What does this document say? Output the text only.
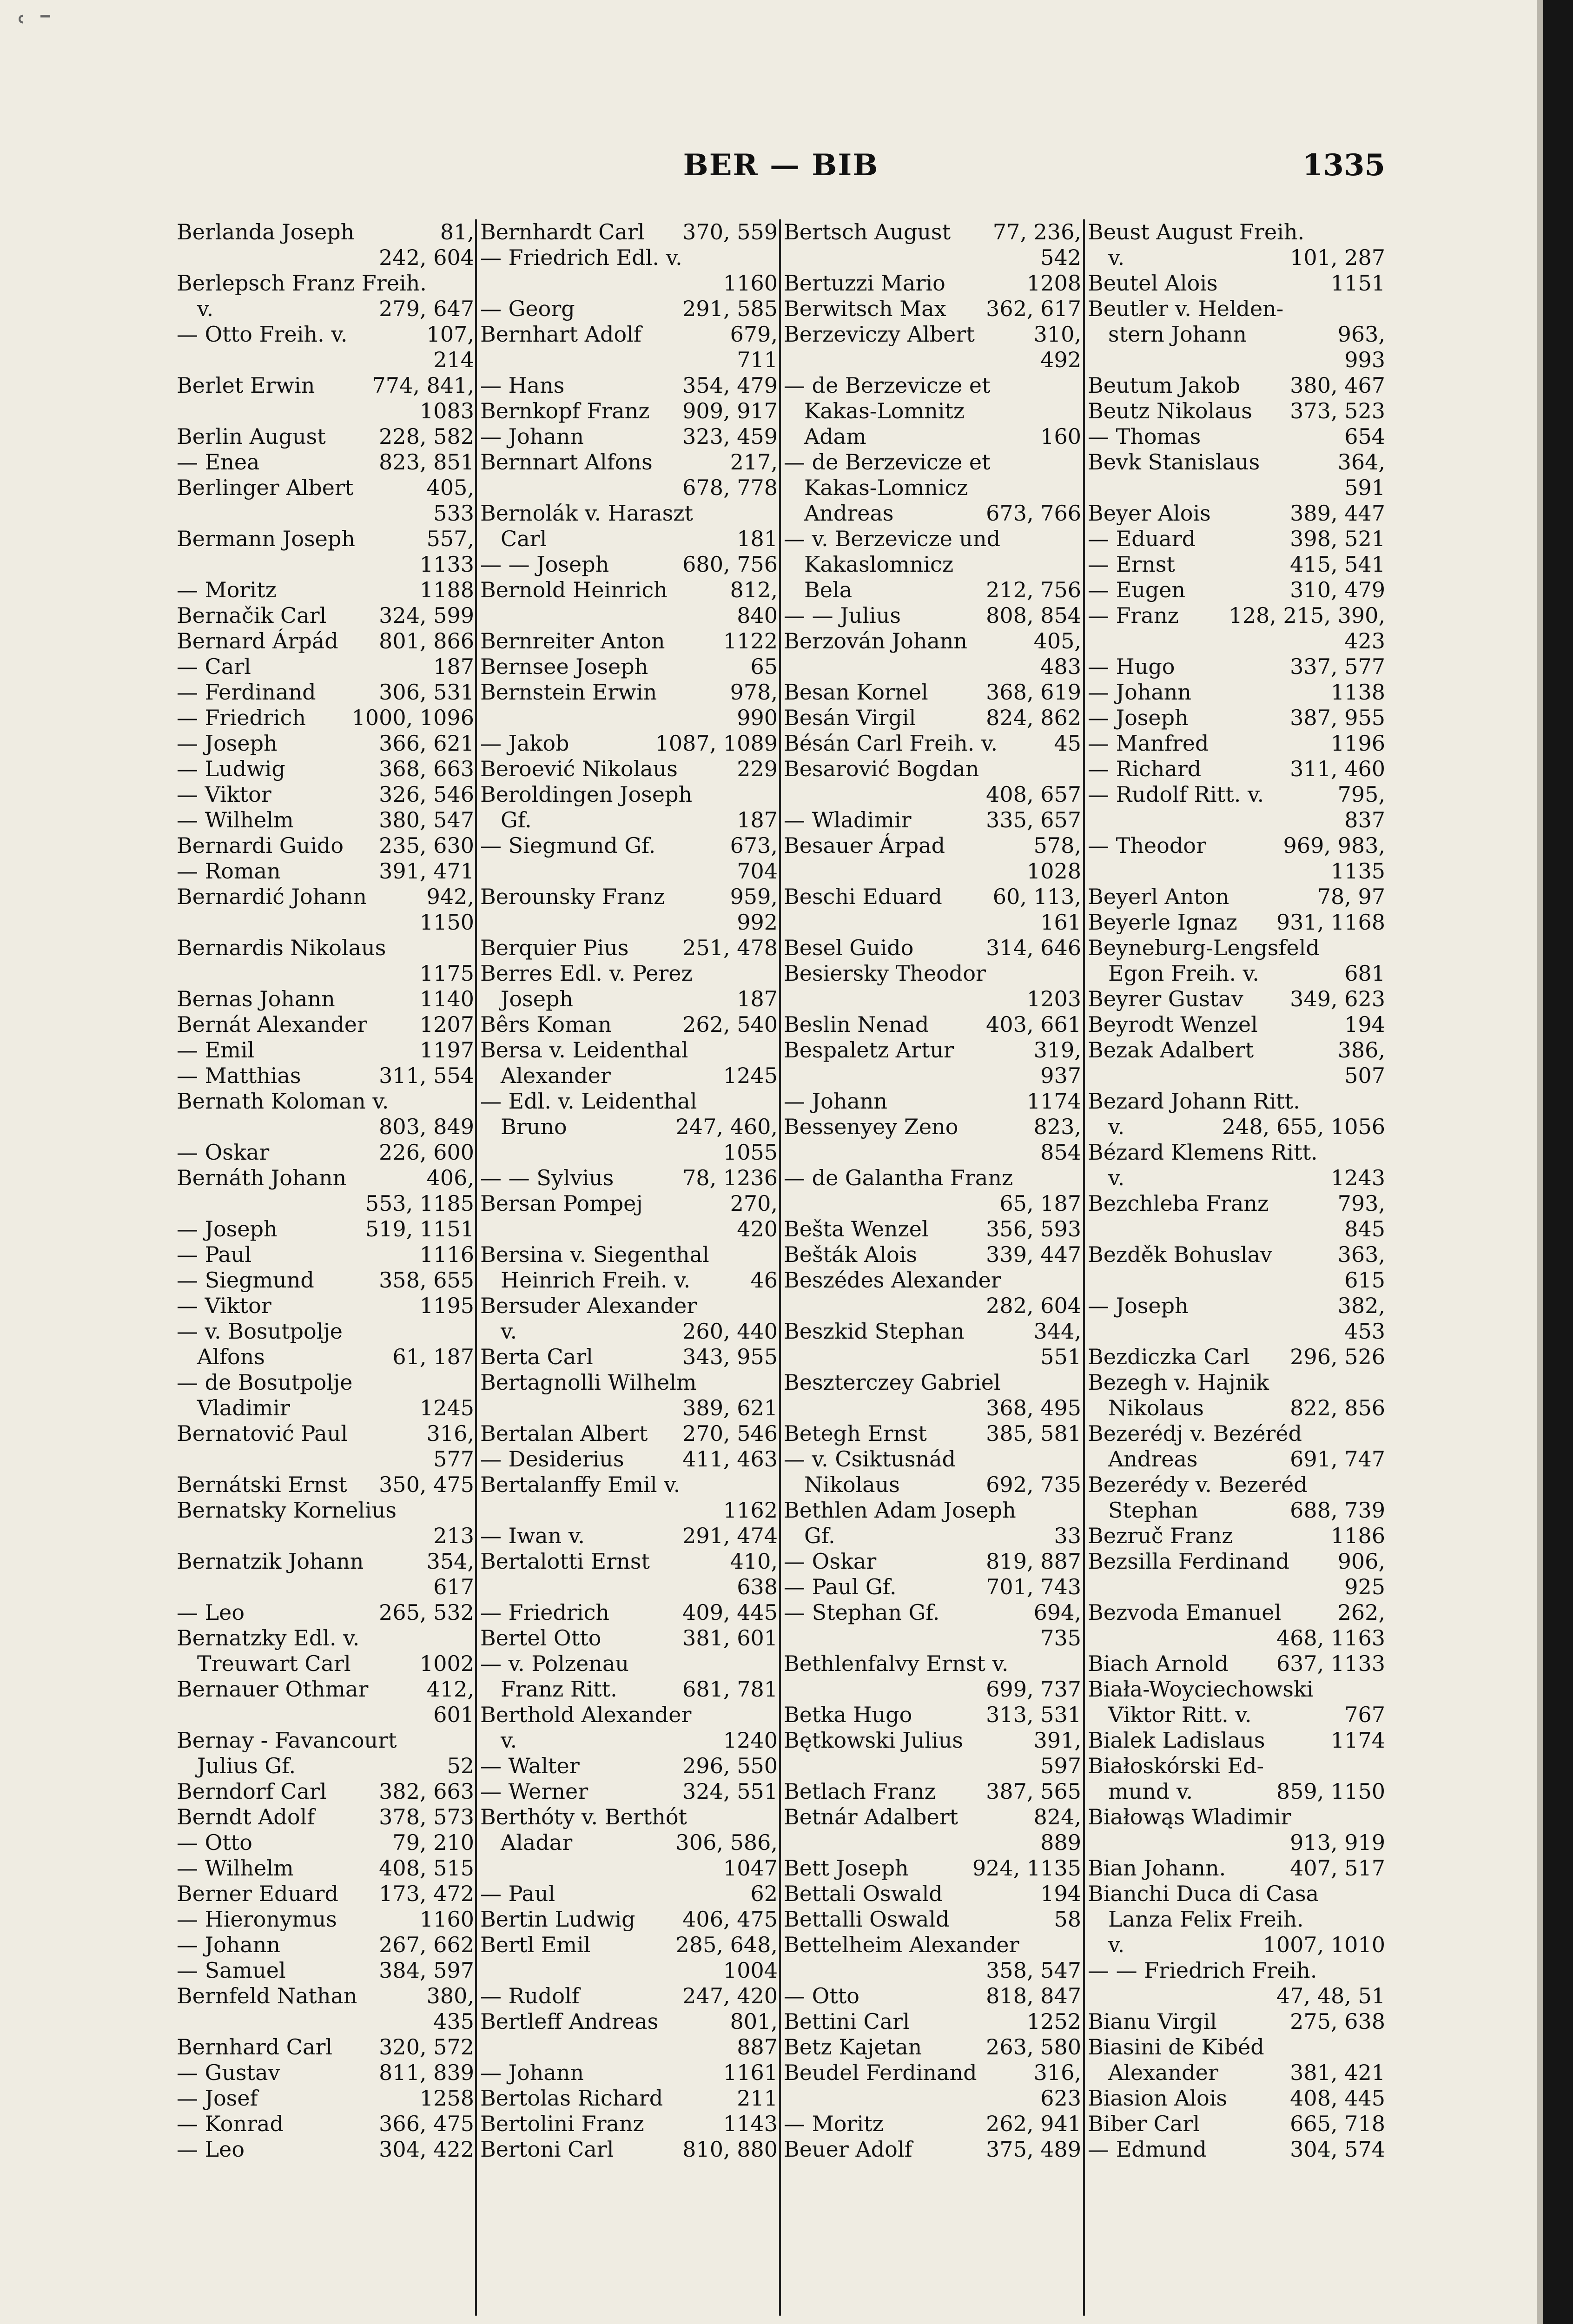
ʿ ˉ
BER — BIB	1335
Berlanda Joseph	81,
242, 604
Berlepsch Franz Freih.
v.	279, 647
— Otto Freih. v.	107,
214
Berlet Erwin	774, 841,
1083
Berlin August 228, 582
— Enea	823, 851
Berlinger Albert	405,
533
Bermann Joseph	557,
1133
— Moritz	1188
Bernačik Carl 324, 599
Bernard Árpád 801, 866
— Carl	187
— Ferdinand	306, 531
— Friedrich 1000, 1096
— Joseph	366, 621
— Ludwig	368, 663
— Viktor	326, 546
— Wilhelm	380, 547
Bernardi Guido 235, 630
— Roman	391, 471
Bernardić Johann	942,
1150
Bernardis Nikolaus
1175
Bernas Johann	1140
Bernát Alexander 1207
— Emil	1197
— Matthias	311, 554
Bernath Koloman v.
803, 849
— Oskar	226, 600
Bernáth Johann	406,
553, 1185
— Joseph	519, 1151
— Paul	1116
— Siegmund	358, 655
— Viktor	1195
— v. Bosutpolje
Alfons	61, 187
— de Bosutpolje
Vladimir	1245
Bernatović Paul	316,
577
Bernátski Ernst 350, 475
Bernatsky Kornelius
213
Bernatzik Johann	354,
617
— Leo	265, 532
Bernatzky Edl. v.
Treuwart Carl	1002
Bernauer Othmar	412,
601
Bernay - Favancourt
Julius Gf.	52
Berndorf Carl 382, 663
Berndt Adolf	378, 573
— Otto	79, 210
— Wilhelm	408, 515
Berner Eduard 173, 472
— Hieronymus	1160
— Johann	267, 662
— Samuel	384, 597
Bernfeld Nathan	380,
435
Bernhard Carl 320, 572
— Gustav	811, 839
— Josef	1258
— Konrad	366, 475
— Leo	304, 422
Bernhardt Carl 370, 559
— Friedrich Edl. v.
1160
— Georg	291, 585
Bernhart Adolf	679,
711
— Hans	354, 479
Bernkopf Franz 909, 917
— Johann	323, 459
Bernnart Alfons	217,
678, 778
Bernolák v. Haraszt
Carl	181
— — Joseph	680, 756
Bernold Heinrich	812,
840
Bernreiter Anton	1122
Bernsee Joseph	65
Bernstein Erwin	978,
990
— Jakob	1087, 1089
Beroević Nikolaus	229
Beroldingen Joseph
Gf.	187
— Siegmund Gf.	673,
704
Berounsky Franz	959,
992
Berquier Pius	251, 478
Berres Edl. v. Perez
Joseph	187
Bêrs Koman	262, 540
Bersa v. Leidenthal
Alexander	1245
— Edl. v. Leidenthal
Bruno	247, 460,
1055
— — Sylvius	78, 1236
Bersan Pompej	270,
420
Bersina v. Siegenthal
Heinrich Freih. v.	46
Bersuder Alexander
v.	260, 440
Berta Carl	343, 955
Bertagnolli Wilhelm
389, 621
Bertalan Albert 270, 546
— Desiderius	411, 463
Bertalanffy Emil v.
1162
— Iwan v.	291, 474
Bertalotti Ernst	410,
638
— Friedrich	409, 445
Bertel Otto	381, 601
— v. Polzenau
Franz Ritt.	681, 781
Berthold Alexander
v.	1240
— Walter	296, 550
— Werner	324, 551
Berthóty v. Berthót
Aladar	306, 586,
1047
— Paul	62
Bertin Ludwig 406, 475
Bertl Emil	285, 648,
1004
— Rudolf	247, 420
Bertleff Andreas	801,
887
— Johann	1161
Bertolas Richard	211
Bertolini Franz	1143
Bertoni Carl	810, 880
Bertsch August 77, 236,
542
Bertuzzi Mario	1208
Berwitsch Max 362, 617
Berzeviczy Albert	310,
492
— de Berzevicze et
Kakas-Lomnitz
Adam	160
— de Berzevicze et
Kakas-Lomnicz
Andreas	673, 766
— v. Berzevicze und
Kakaslomnicz
Bela	212, 756
— — Julius	808, 854
Berzován Johann	405,
483
Besan Kornel	368, 619
Besán Virgil	824, 862
Bésán Carl Freih. v.	45
Besarović Bogdan
408, 657
— Wladimir	335, 657
Besauer Árpad	578,
1028
Beschi Eduard 60, 113,
161
Besel Guido	314, 646
Besiersky Theodor
1203
Beslin Nenad	403, 661
Bespaletz Artur	319,
937
— Johann	1174
Bessenyey Zeno	823,
854
— de Galantha Franz
65, 187
Bešta Wenzel	356, 593
Bešták Alois	339, 447
Beszédes Alexander
282, 604
Beszkid Stephan	344,
551
Beszterczey Gabriel
368, 495
Betegh Ernst	385, 581
— v. Csiktusnád
Nikolaus	692, 735
Bethlen Adam Joseph
Gf.	33
— Oskar	819, 887
— Paul Gf.	701, 743
— Stephan Gf.	694,
735
Bethlenfalvy Ernst v.
699, 737
Betka Hugo	313, 531
Bętkowski Julius	391,
597
Betlach Franz 387, 565
Betnár Adalbert	824,
889
Bett Joseph	924, 1135
Bettali Oswald	194
Bettalli Oswald	58
Bettelheim Alexander
358, 547
— Otto	818, 847
Bettini Carl	1252
Betz Kajetan	263, 580
Beudel Ferdinand	316,
623
— Moritz	262, 941
Beuer Adolf	375, 489
Beust August Freih.
v.	101, 287
Beutel Alois	1151
Beutler v. Helden-
stern Johann	963,
993
Beutum Jakob 380, 467
Beutz Nikolaus 373, 523
— Thomas	654
Bevk Stanislaus	364,
591
Beyer Alois	389, 447
— Eduard	398, 521
— Ernst	415, 541
— Eugen	310, 479
— Franz 128, 215, 390,
423
— Hugo	337, 577
— Johann	1138
— Joseph	387, 955
— Manfred	1196
— Richard	311, 460
— Rudolf Ritt. v.	795,
837
— Theodor	969, 983,
1135
Beyerl Anton	78, 97
Beyerle Ignaz 931, 1168
Beyneburg-Lengsfeld
Egon Freih. v.	681
Beyrer Gustav 349, 623
Beyrodt Wenzel	194
Bezak Adalbert	386,
507
Bezard Johann Ritt.
v.	248, 655, 1056
Bézard Klemens Ritt.
v.	1243
Bezchleba Franz	793,
845
Bezděk Bohuslav	363,
615
— Joseph	382,
453
Bezdiczka Carl 296, 526
Bezegh v. Hajnik
Nikolaus	822, 856
Bezerédj v. Bezéréd
Andreas	691, 747
Bezerédy v. Bezeréd
Stephan	688, 739
Bezruč Franz	1186
Bezsilla Ferdinand 906,
925
Bezvoda Emanuel	262,
468, 1163
Biach Arnold 637, 1133
Biała-Woyciechowski
Viktor Ritt. v.	767
Bialek Ladislaus	1174
Białoskórski Ed-
mund v.	859, 1150
Białowąs Wladimir
913, 919
Bian Johann.	407, 517
Bianchi Duca di Casa
Lanza Felix Freih.
v.	1007, 1010
— — Friedrich Freih.
47, 48, 51
Bianu Virgil	275, 638
Biasini de Kibéd
Alexander	381, 421
Biasion Alois	408, 445
Biber Carl	665, 718
— Edmund	304, 574
